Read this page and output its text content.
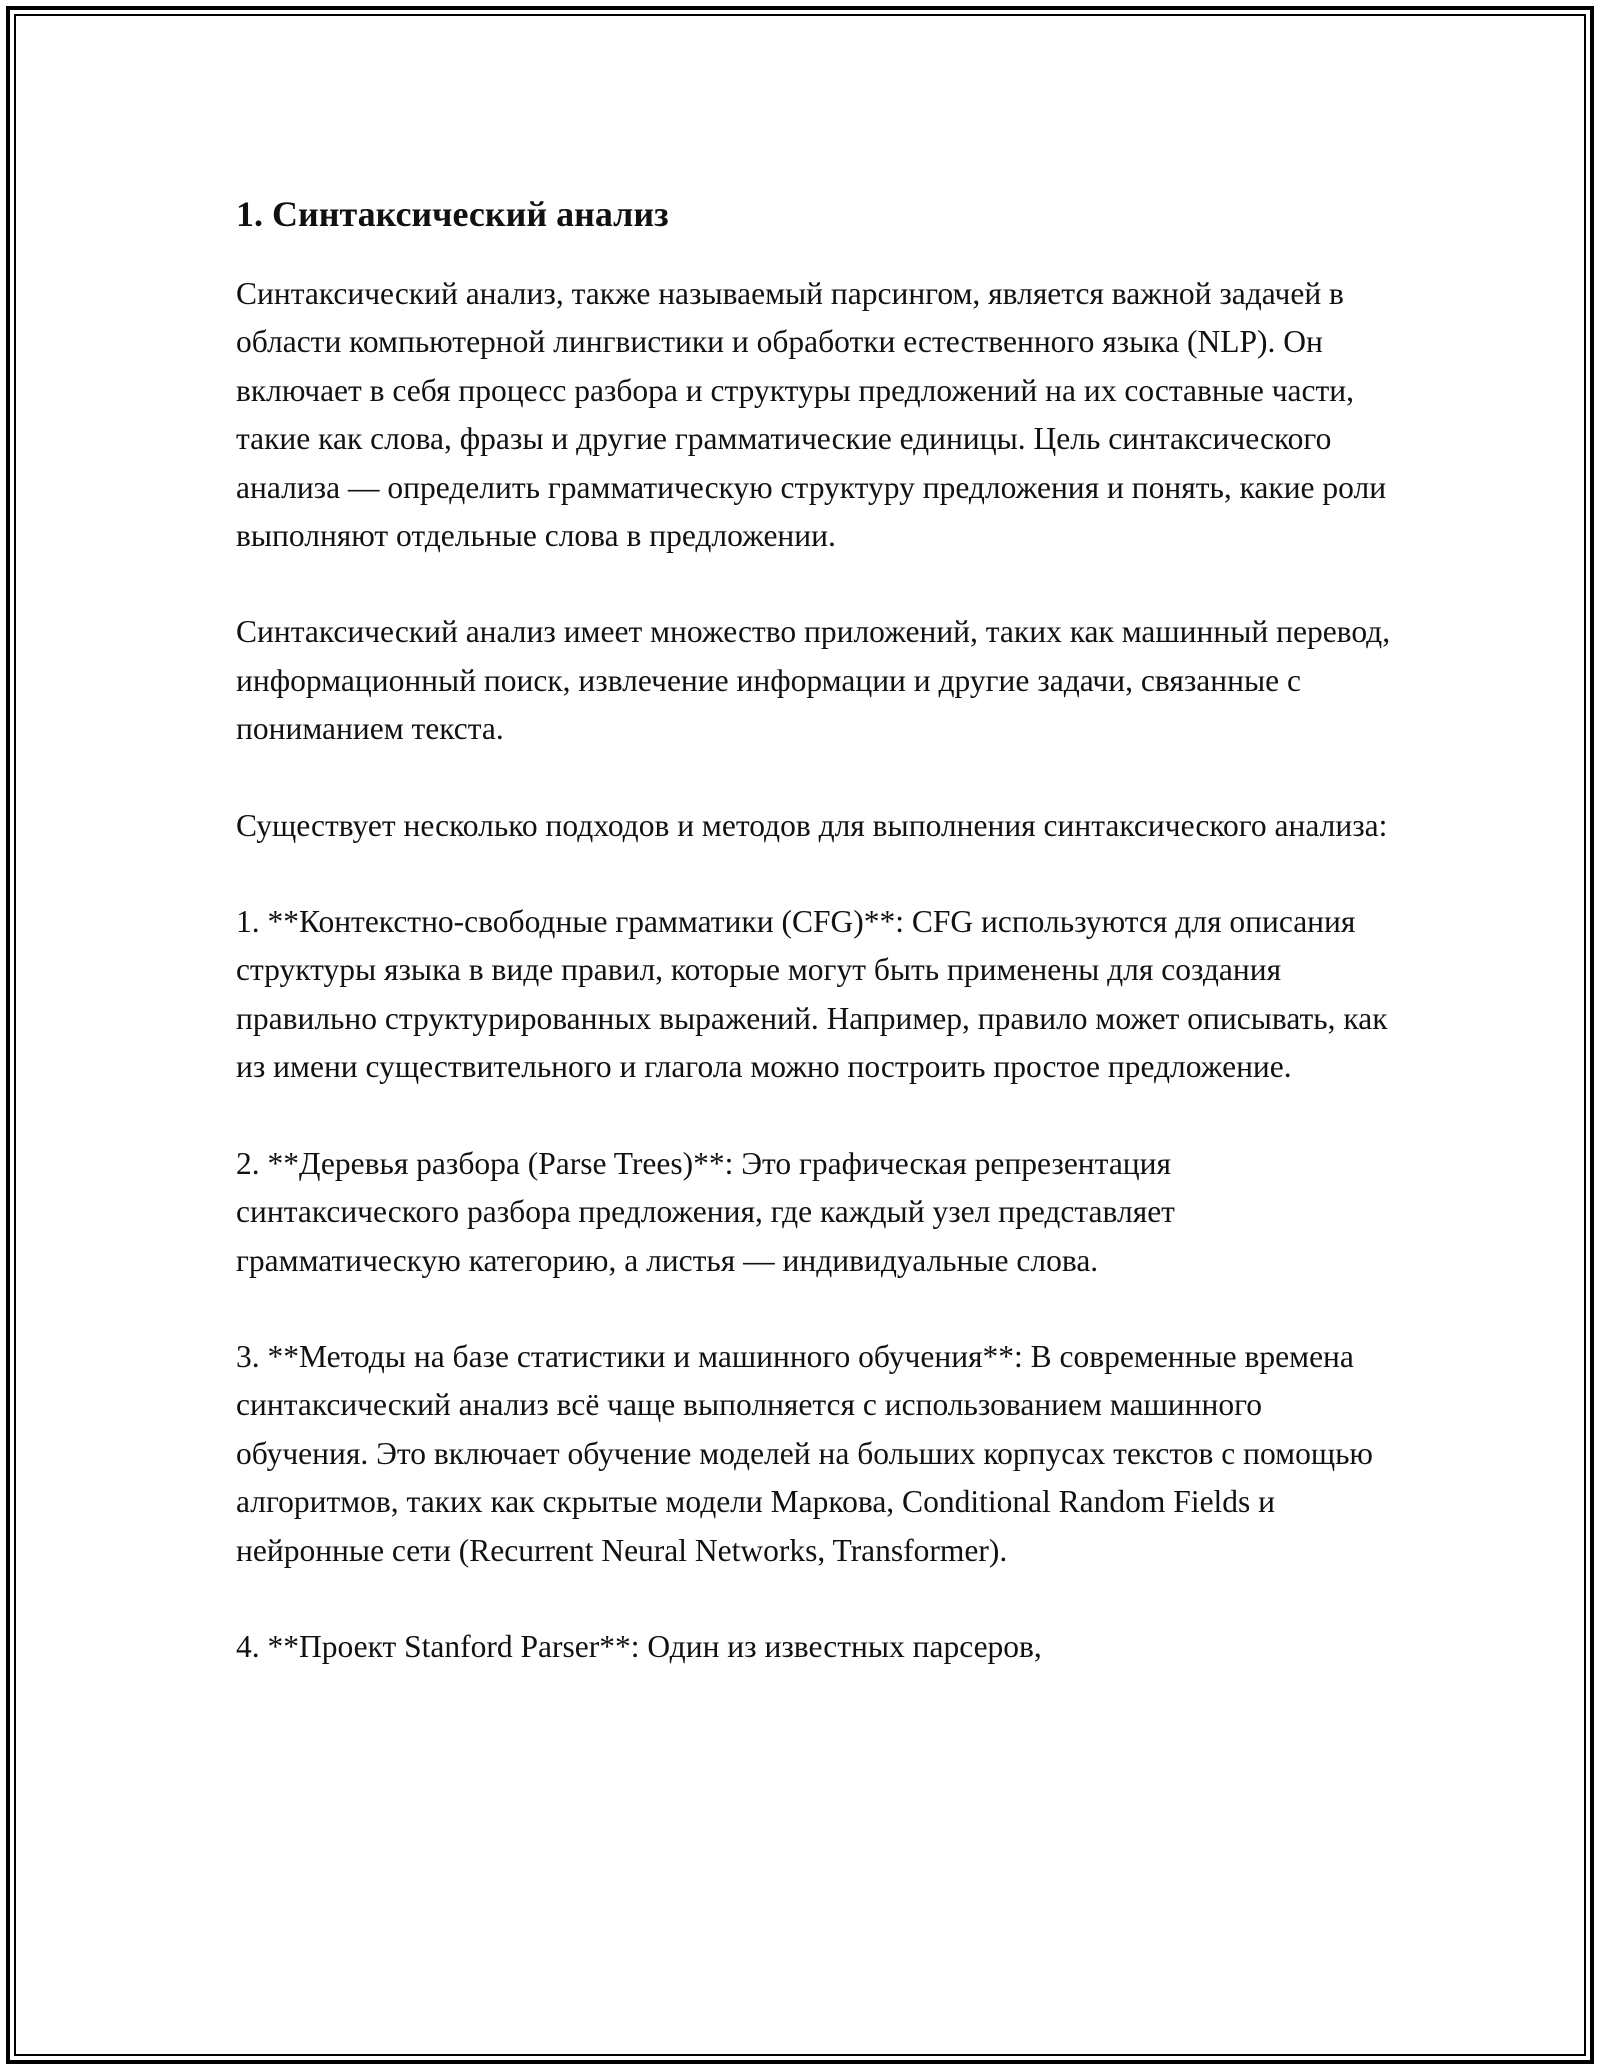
1. Синтаксический анализ

Синтаксический анализ, также называемый парсингом, является важной задачей в области компьютерной лингвистики и обработки естественного языка (NLP). Он включает в себя процесс разбора и структуры предложений на их составные части, такие как слова, фразы и другие грамматические единицы. Цель синтаксического анализа — определить грамматическую структуру предложения и понять, какие роли выполняют отдельные слова в предложении.

Синтаксический анализ имеет множество приложений, таких как машинный перевод, информационный поиск, извлечение информации и другие задачи, связанные с пониманием текста.

Существует несколько подходов и методов для выполнения синтаксического анализа:

1. **Контекстно-свободные грамматики (CFG)**: CFG используются для описания структуры языка в виде правил, которые могут быть применены для создания правильно структурированных выражений. Например, правило может описывать, как из имени существительного и глагола можно построить простое предложение.

2. **Деревья разбора (Parse Trees)**: Это графическая репрезентация синтаксического разбора предложения, где каждый узел представляет грамматическую категорию, а листья — индивидуальные слова.

3. **Методы на базе статистики и машинного обучения**: В современные времена синтаксический анализ всё чаще выполняется с использованием машинного обучения. Это включает обучение моделей на больших корпусах текстов с помощью алгоритмов, таких как скрытые модели Маркова, Conditional Random Fields и нейронные сети (Recurrent Neural Networks, Transformer).

4. **Проект Stanford Parser**: Один из известных парсеров,
